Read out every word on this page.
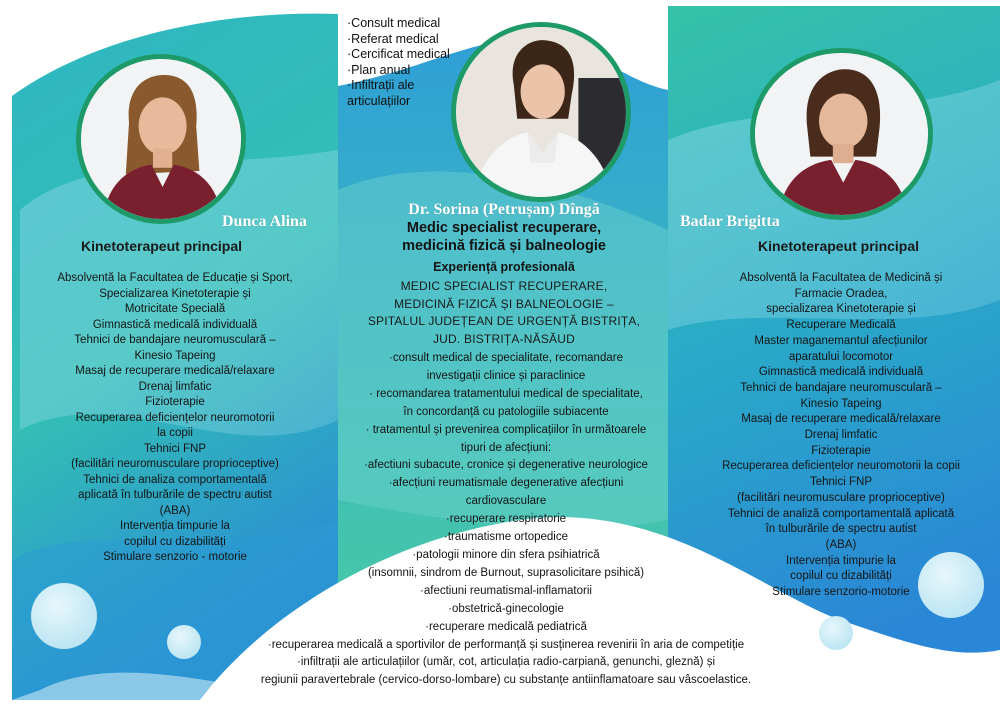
·Consult medical
·Referat medical
·Cercificat medical
·Plan anual
·Infiltrații ale
articulațiilor
Dunca Alina
Kinetoterapeut principal
Absolventă la Facultatea de Educație și Sport,
Specializarea Kinetoterapie și
Motricitate Specială
Gimnastică medicală individuală
Tehnici de bandajare neuromusculară –
Kinesio Tapeing
Masaj de recuperare medicală/relaxare
Drenaj limfatic
Fizioterapie
Recuperarea deficiențelor neuromotorii
la copii
Tehnici FNP
(facilitări neuromusculare proprioceptive)
Tehnici de analiza comportamentală
aplicată în tulburările de spectru autist
(ABA)
Intervenția timpurie la
copilul cu dizabilități
Stimulare senzorio - motorie
Dr. Sorina (Petrușan) Dîngă
Medic specialist recuperare,
medicină fizică și balneologie
Experiență profesională
MEDIC SPECIALIST RECUPERARE,
MEDICINĂ FIZICĂ ȘI BALNEOLOGIE –
SPITALUL JUDEȚEAN DE URGENȚĂ BISTRIȚA,
JUD. BISTRIȚA-NĂSĂUD
·consult medical de specialitate, recomandare
investigații clinice și paraclinice
· recomandarea tratamentului medical de specialitate,
în concordanță cu patologiile subiacente
· tratamentul și prevenirea complicațiilor în următoarele
tipuri de afecțiuni:
·afectiuni subacute, cronice și degenerative neurologice
·afecțiuni reumatismale degenerative afecțiuni
cardiovasculare
·recuperare respiratorie
·traumatisme ortopedice
·patologii minore din sfera psihiatrică
(insomnii, sindrom de Burnout, suprasolicitare psihică)
·afectiuni reumatismal-inflamatorii
·obstetrică-ginecologie
·recuperare medicală pediatrică
·recuperarea medicală a sportivilor de performanță și susținerea revenirii în aria de competiție
·infiltrații ale articulațiilor (umăr, cot, articulația radio-carpiană, genunchi, gleznă) și
regiunii paravertebrale (cervico-dorso-lombare) cu substanțe antiinflamatoare sau vâscoelastice.
Badar Brigitta
Kinetoterapeut principal
Absolventă la Facultatea de Medicină și
Farmacie Oradea,
specializarea Kinetoterapie și
Recuperare Medicală
Master maganemantul afecțiunilor
aparatului locomotor
Gimnastică medicală individuală
Tehnici de bandajare neuromusculară –
Kinesio Tapeing
Masaj de recuperare medicală/relaxare
Drenaj limfatic
Fizioterapie
Recuperarea deficiențelor neuromotorii la copii
Tehnici FNP
(facilitări neuromusculare proprioceptive)
Tehnici de analiză comportamentală aplicată
în tulburările de spectru autist
(ABA)
Intervenția timpurie la
copilul cu dizabilități
Stimulare senzorio-motorie
